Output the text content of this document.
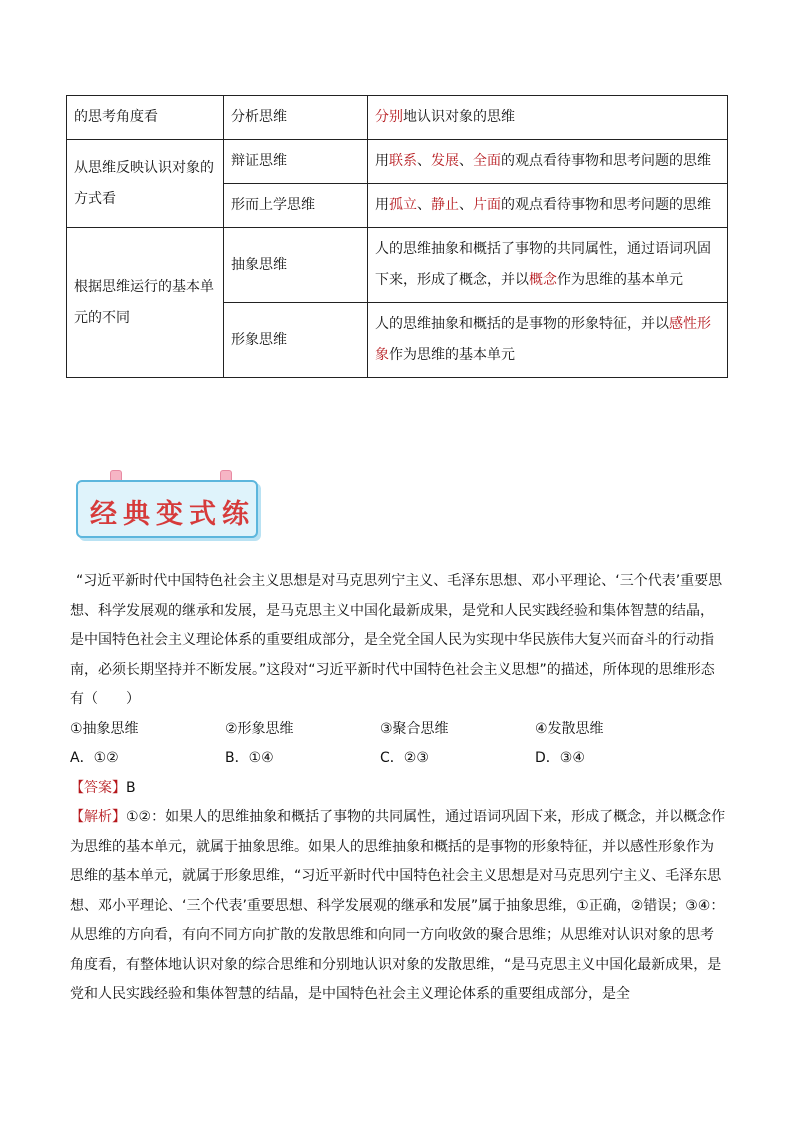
的思考角度看	分析思维	分别地认识对象的思维
从思维反映认识对象的方式看	辩证思维	用联系、发展、全面的观点看待事物和思考问题的思维
	形而上学思维	用孤立、静止、片面的观点看待事物和思考问题的思维
根据思维运行的基本单元的不同	抽象思维	人的思维抽象和概括了事物的共同属性，通过语词巩固下来，形成了概念，并以概念作为思维的基本单元
	形象思维	人的思维抽象和概括的是事物的形象特征，并以感性形象作为思维的基本单元
经典变式练

“习近平新时代中国特色社会主义思想是对马克思列宁主义、毛泽东思想、邓小平理论、‘三个代表’重要思想、科学发展观的继承和发展，是马克思主义中国化最新成果，是党和人民实践经验和集体智慧的结晶，是中国特色社会主义理论体系的重要组成部分，是全党全国人民为实现中华民族伟大复兴而奋斗的行动指南，必须长期坚持并不断发展。”这段对“习近平新时代中国特色社会主义思想”的描述，所体现的思维形态有（　　）

①抽象思维	②形象思维	③聚合思维	④发散思维
A．①②	B．①④	C．②③	D．③④

【答案】B

【解析】①②：如果人的思维抽象和概括了事物的共同属性，通过语词巩固下来，形成了概念，并以概念作为思维的基本单元，就属于抽象思维。如果人的思维抽象和概括的是事物的形象特征，并以感性形象作为思维的基本单元，就属于形象思维，“习近平新时代中国特色社会主义思想是对马克思列宁主义、毛泽东思想、邓小平理论、‘三个代表’重要思想、科学发展观的继承和发展”属于抽象思维，①正确，②错误；③④：从思维的方向看，有向不同方向扩散的发散思维和向同一方向收敛的聚合思维；从思维对认识对象的思考角度看，有整体地认识对象的综合思维和分别地认识对象的发散思维，“是马克思主义中国化最新成果，是党和人民实践经验和集体智慧的结晶，是中国特色社会主义理论体系的重要组成部分，是全
